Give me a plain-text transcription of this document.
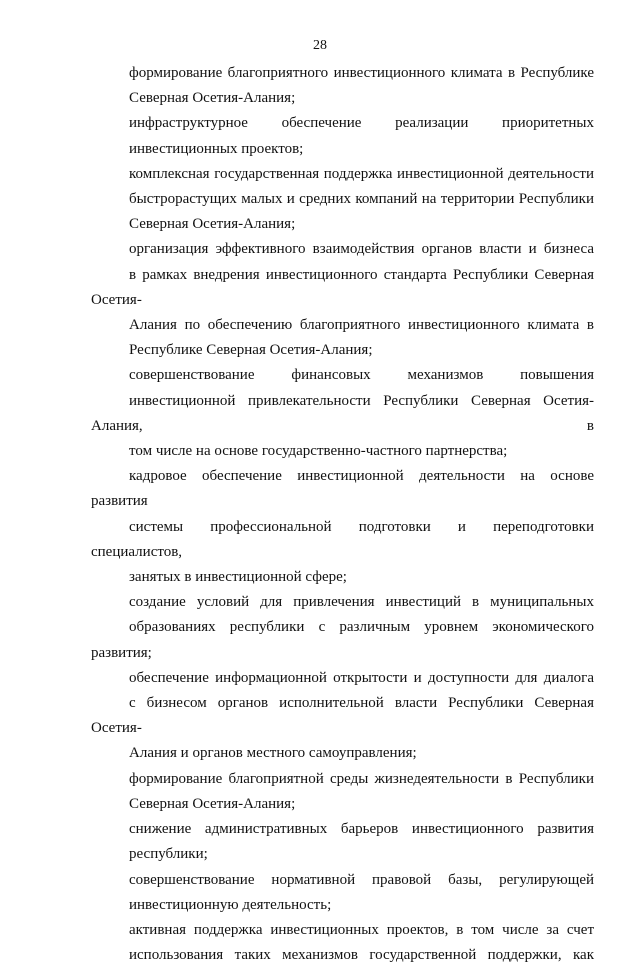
28

формирование благоприятного инвестиционного климата в Республике
Северная Осетия-Алания;

инфраструктурное обеспечение реализации приоритетных
инвестиционных проектов;

комплексная государственная поддержка инвестиционной деятельности
быстрорастущих малых и средних компаний на территории Республики
Северная Осетия-Алания;

организация эффективного взаимодействия органов власти и бизнеса
в рамках внедрения инвестиционного стандарта Республики Северная Осетия-
Алания по обеспечению благоприятного инвестиционного климата в
Республике Северная Осетия-Алания;

совершенствование финансовых механизмов повышения
инвестиционной привлекательности Республики Северная Осетия-Алания, в
том числе на основе государственно-частного партнерства;

кадровое обеспечение инвестиционной деятельности на основе развития
системы профессиональной подготовки и переподготовки специалистов,
занятых в инвестиционной сфере;

создание условий для привлечения инвестиций в муниципальных
образованиях республики с различным уровнем экономического развития;

обеспечение информационной открытости и доступности для диалога
с бизнесом органов исполнительной власти Республики Северная Осетия-
Алания и органов местного самоуправления;

формирование благоприятной среды жизнедеятельности в Республики
Северная Осетия-Алания;

снижение административных барьеров инвестиционного развития
республики;

совершенствование нормативной правовой базы, регулирующей
инвестиционную деятельность;

активная поддержка инвестиционных проектов, в том числе за счет
использования таких механизмов государственной поддержки, как
